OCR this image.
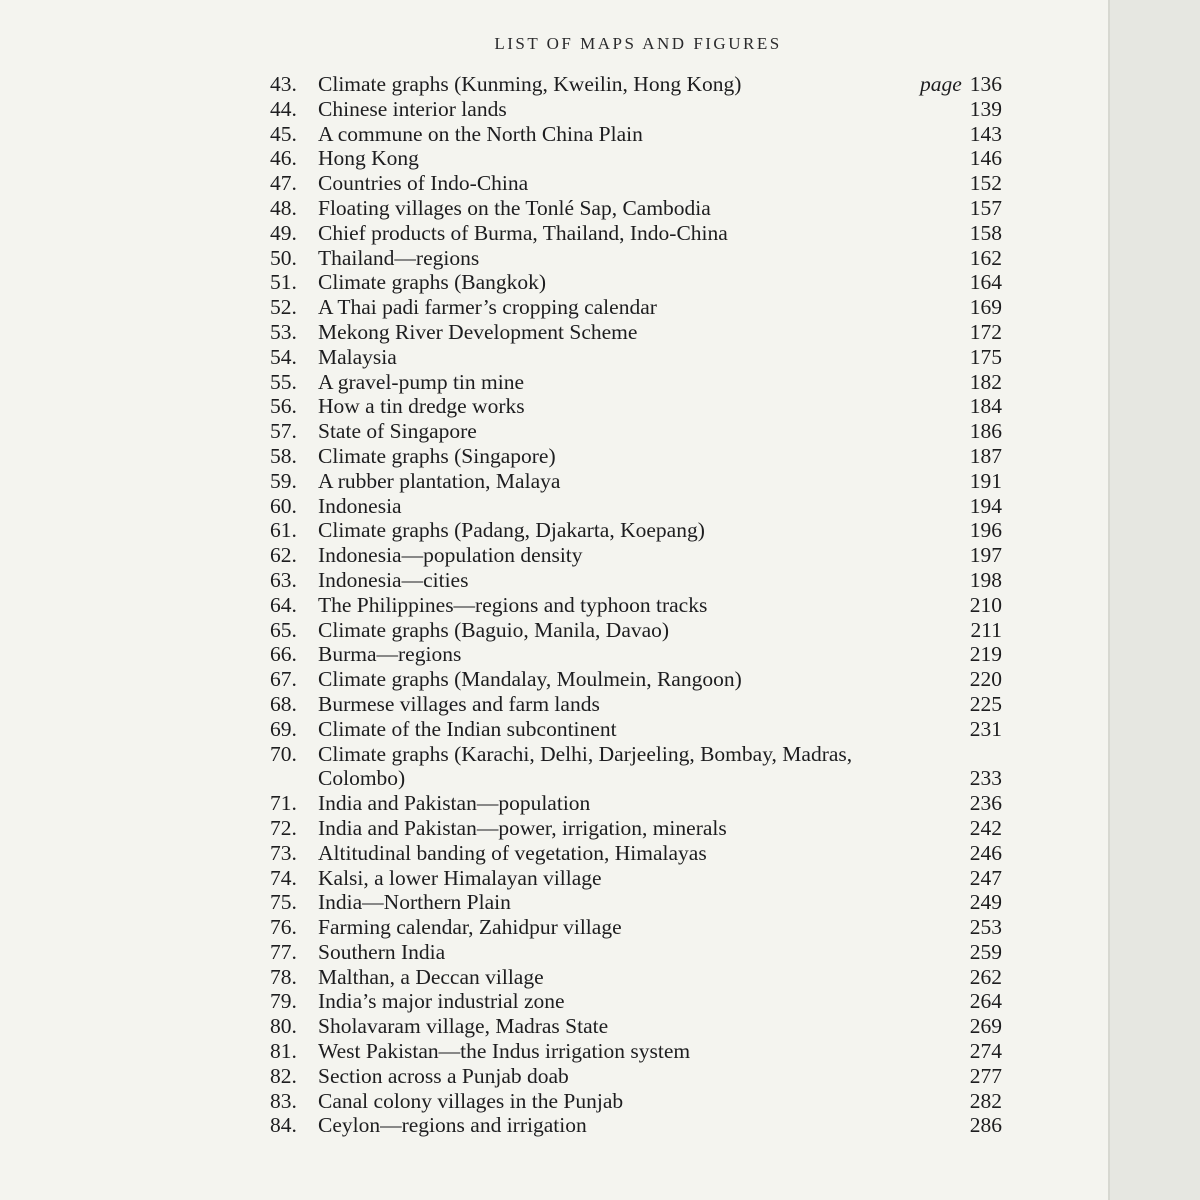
LIST OF MAPS AND FIGURES
43. Climate graphs (Kunming, Kweilin, Hong Kong)	page 136
44. Chinese interior lands	139
45. A commune on the North China Plain	143
46. Hong Kong	146
47. Countries of Indo-China	152
48. Floating villages on the Tonlé Sap, Cambodia	157
49. Chief products of Burma, Thailand, Indo-China	158
50. Thailand—regions	162
51. Climate graphs (Bangkok)	164
52. A Thai padi farmer’s cropping calendar	169
53. Mekong River Development Scheme	172
54. Malaysia	175
55. A gravel-pump tin mine	182
56. How a tin dredge works	184
57. State of Singapore	186
58. Climate graphs (Singapore)	187
59. A rubber plantation, Malaya	191
60. Indonesia	194
61. Climate graphs (Padang, Djakarta, Koepang)	196
62. Indonesia—population density	197
63. Indonesia—cities	198
64. The Philippines—regions and typhoon tracks	210
65. Climate graphs (Baguio, Manila, Davao)	211
66. Burma—regions	219
67. Climate graphs (Mandalay, Moulmein, Rangoon)	220
68. Burmese villages and farm lands	225
69. Climate of the Indian subcontinent	231
70. Climate graphs (Karachi, Delhi, Darjeeling, Bombay, Madras,
Colombo)	233
71. India and Pakistan—population	236
72. India and Pakistan—power, irrigation, minerals	242
73. Altitudinal banding of vegetation, Himalayas	246
74. Kalsi, a lower Himalayan village	247
75. India—Northern Plain	249
76. Farming calendar, Zahidpur village	253
77. Southern India	259
78. Malthan, a Deccan village	262
79. India’s major industrial zone	264
80. Sholavaram village, Madras State	269
81. West Pakistan—the Indus irrigation system	274
82. Section across a Punjab doab	277
83. Canal colony villages in the Punjab	282
84. Ceylon—regions and irrigation	286
